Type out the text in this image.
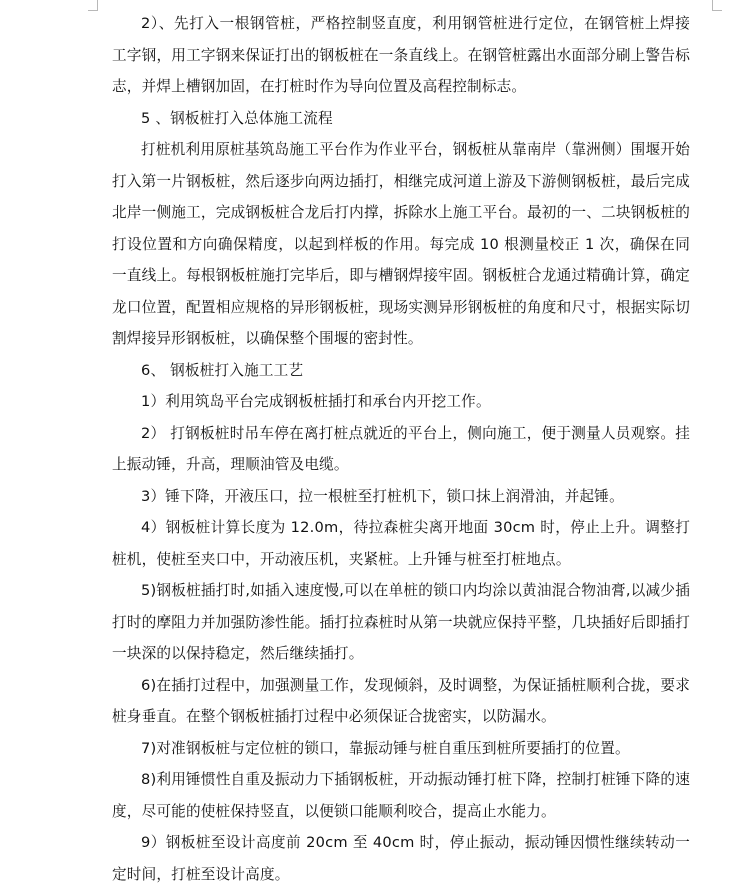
2）、先打入一根钢管桩，严格控制竖直度，利用钢管桩进行定位，在钢管桩上焊接工字钢，用工字钢来保证打出的钢板桩在一条直线上。在钢管桩露出水面部分刷上警告标志，并焊上槽钢加固，在打桩时作为导向位置及高程控制标志。

5 、钢板桩打入总体施工流程

打桩机利用原桩基筑岛施工平台作为作业平台，钢板桩从靠南岸（靠洲侧）围堰开始打入第一片钢板桩，然后逐步向两边插打，相继完成河道上游及下游侧钢板桩，最后完成北岸一侧施工，完成钢板桩合龙后打内撑，拆除水上施工平台。最初的一、二块钢板桩的打设位置和方向确保精度，以起到样板的作用。每完成 10 根测量校正 1 次，确保在同一直线上。每根钢板桩施打完毕后，即与槽钢焊接牢固。钢板桩合龙通过精确计算，确定龙口位置，配置相应规格的异形钢板桩，现场实测异形钢板桩的角度和尺寸，根据实际切割焊接异形钢板桩，以确保整个围堰的密封性。

6、 钢板桩打入施工工艺

1）利用筑岛平台完成钢板桩插打和承台内开挖工作。

2） 打钢板桩时吊车停在离打桩点就近的平台上，侧向施工，便于测量人员观察。挂上振动锤，升高，理顺油管及电缆。

3）锤下降，开液压口，拉一根桩至打桩机下，锁口抹上润滑油，并起锤。

4）钢板桩计算长度为 12.0m，待拉森桩尖离开地面 30cm 时，停止上升。调整打桩机，使桩至夹口中，开动液压机，夹紧桩。上升锤与桩至打桩地点。

5)钢板桩插打时,如插入速度慢,可以在单桩的锁口内均涂以黄油混合物油膏,以减少插打时的摩阻力并加强防渗性能。插打拉森桩时从第一块就应保持平整，几块插好后即插打一块深的以保持稳定，然后继续插打。

6)在插打过程中，加强测量工作，发现倾斜，及时调整，为保证插桩顺利合拢，要求桩身垂直。在整个钢板桩插打过程中必须保证合拢密实，以防漏水。

7)对准钢板桩与定位桩的锁口，靠振动锤与桩自重压到桩所要插打的位置。

8)利用锤惯性自重及振动力下插钢板桩，开动振动锤打桩下降，控制打桩锤下降的速度，尽可能的使桩保持竖直，以便锁口能顺利咬合，提高止水能力。

9）钢板桩至设计高度前 20cm 至 40cm 时，停止振动，振动锤因惯性继续转动一定时间，打桩至设计高度。
